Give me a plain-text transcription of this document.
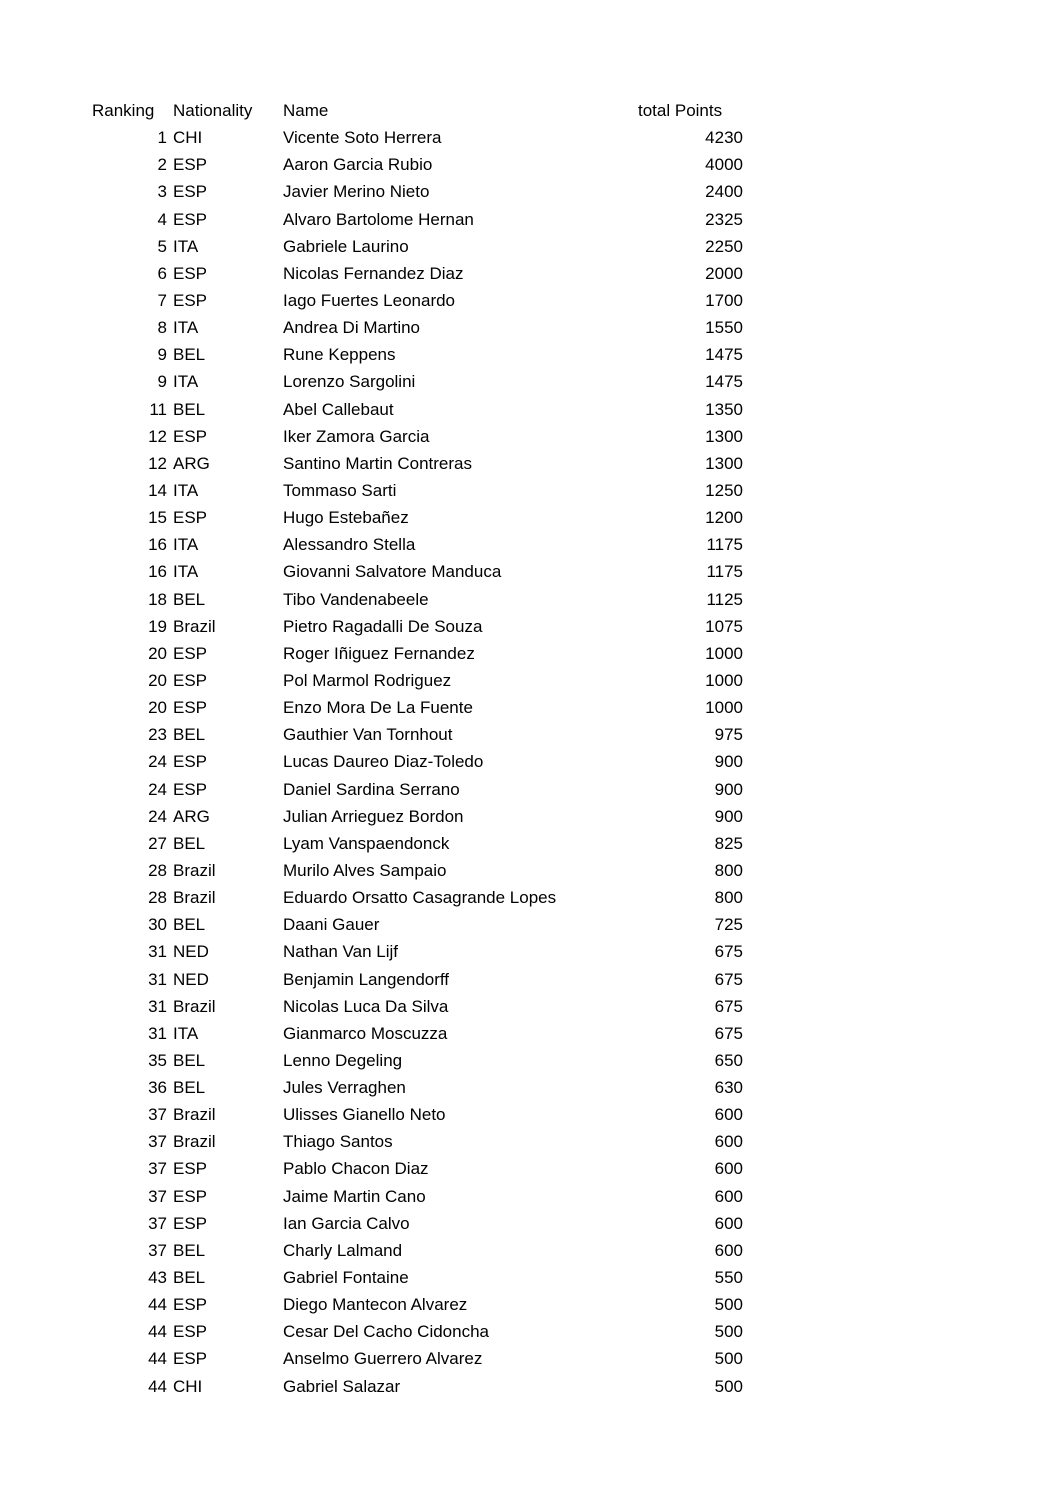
Ranking	Nationality	Name	total Points
1 CHI	Vicente Soto Herrera	4230
2 ESP	Aaron Garcia Rubio	4000
3 ESP	Javier Merino Nieto	2400
4 ESP	Alvaro Bartolome Hernan	2325
5 ITA	Gabriele Laurino	2250
6 ESP	Nicolas Fernandez Diaz	2000
7 ESP	Iago Fuertes Leonardo	1700
8 ITA	Andrea Di Martino	1550
9 BEL	Rune Keppens	1475
9 ITA	Lorenzo Sargolini	1475
11 BEL	Abel Callebaut	1350
12 ESP	Iker Zamora Garcia	1300
12 ARG	Santino Martin Contreras	1300
14 ITA	Tommaso Sarti	1250
15 ESP	Hugo Estebañez	1200
16 ITA	Alessandro Stella	1175
16 ITA	Giovanni Salvatore Manduca	1175
18 BEL	Tibo Vandenabeele	1125
19 Brazil	Pietro Ragadalli De Souza	1075
20 ESP	Roger Iñiguez Fernandez	1000
20 ESP	Pol Marmol Rodriguez	1000
20 ESP	Enzo Mora De La Fuente	1000
23 BEL	Gauthier Van Tornhout	975
24 ESP	Lucas Daureo Diaz-Toledo	900
24 ESP	Daniel Sardina Serrano	900
24 ARG	Julian Arrieguez Bordon	900
27 BEL	Lyam Vanspaendonck	825
28 Brazil	Murilo Alves Sampaio	800
28 Brazil	Eduardo Orsatto Casagrande Lopes	800
30 BEL	Daani Gauer	725
31 NED	Nathan Van Lijf	675
31 NED	Benjamin Langendorff	675
31 Brazil	Nicolas Luca Da Silva	675
31 ITA	Gianmarco Moscuzza	675
35 BEL	Lenno Degeling	650
36 BEL	Jules Verraghen	630
37 Brazil	Ulisses Gianello Neto	600
37 Brazil	Thiago Santos	600
37 ESP	Pablo Chacon Diaz	600
37 ESP	Jaime Martin Cano	600
37 ESP	Ian Garcia Calvo	600
37 BEL	Charly Lalmand	600
43 BEL	Gabriel Fontaine	550
44 ESP	Diego Mantecon Alvarez	500
44 ESP	Cesar Del Cacho Cidoncha	500
44 ESP	Anselmo Guerrero Alvarez	500
44 CHI	Gabriel Salazar	500
